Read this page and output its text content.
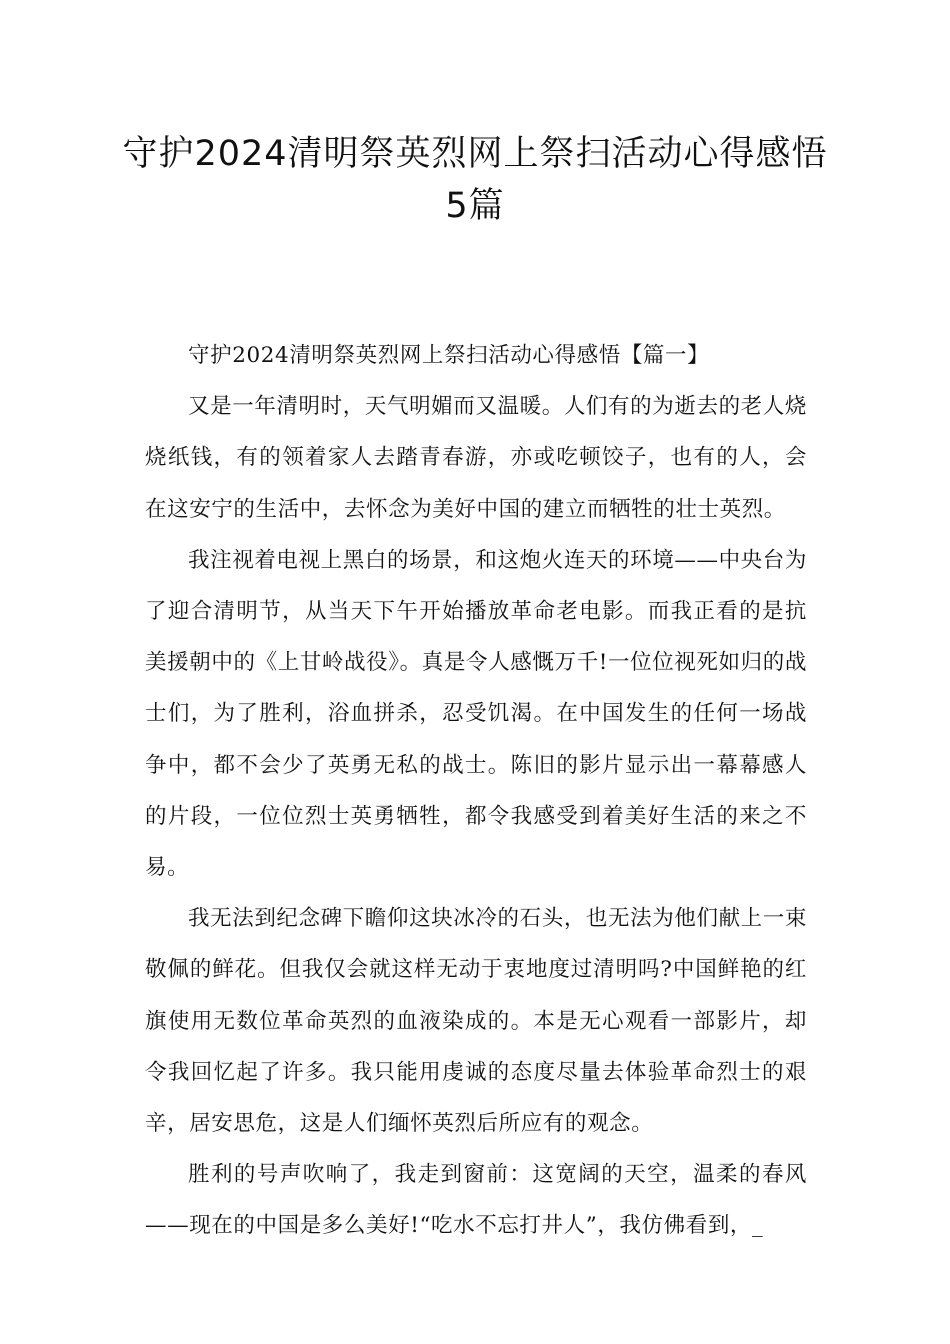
守护2024清明祭英烈网上祭扫活动心得感悟5篇

守护2024清明祭英烈网上祭扫活动心得感悟【篇一】

又是一年清明时，天气明媚而又温暖。人们有的为逝去的老人烧烧纸钱，有的领着家人去踏青春游，亦或吃顿饺子，也有的人，会在这安宁的生活中，去怀念为美好中国的建立而牺牲的壮士英烈。

我注视着电视上黑白的场景，和这炮火连天的环境——中央台为了迎合清明节，从当天下午开始播放革命老电影。而我正看的是抗美援朝中的《上甘岭战役》。真是令人感慨万千!一位位视死如归的战士们，为了胜利，浴血拼杀，忍受饥渴。在中国发生的任何一场战争中，都不会少了英勇无私的战士。陈旧的影片显示出一幕幕感人的片段，一位位烈士英勇牺牲，都令我感受到着美好生活的来之不易。

我无法到纪念碑下瞻仰这块冰冷的石头，也无法为他们献上一束敬佩的鲜花。但我仅会就这样无动于衷地度过清明吗?中国鲜艳的红旗使用无数位革命英烈的血液染成的。本是无心观看一部影片，却令我回忆起了许多。我只能用虔诚的态度尽量去体验革命烈士的艰辛，居安思危，这是人们缅怀英烈后所应有的观念。

胜利的号声吹响了，我走到窗前：这宽阔的天空，温柔的春风——现在的中国是多么美好!“吃水不忘打井人”，我仿佛看到，_
